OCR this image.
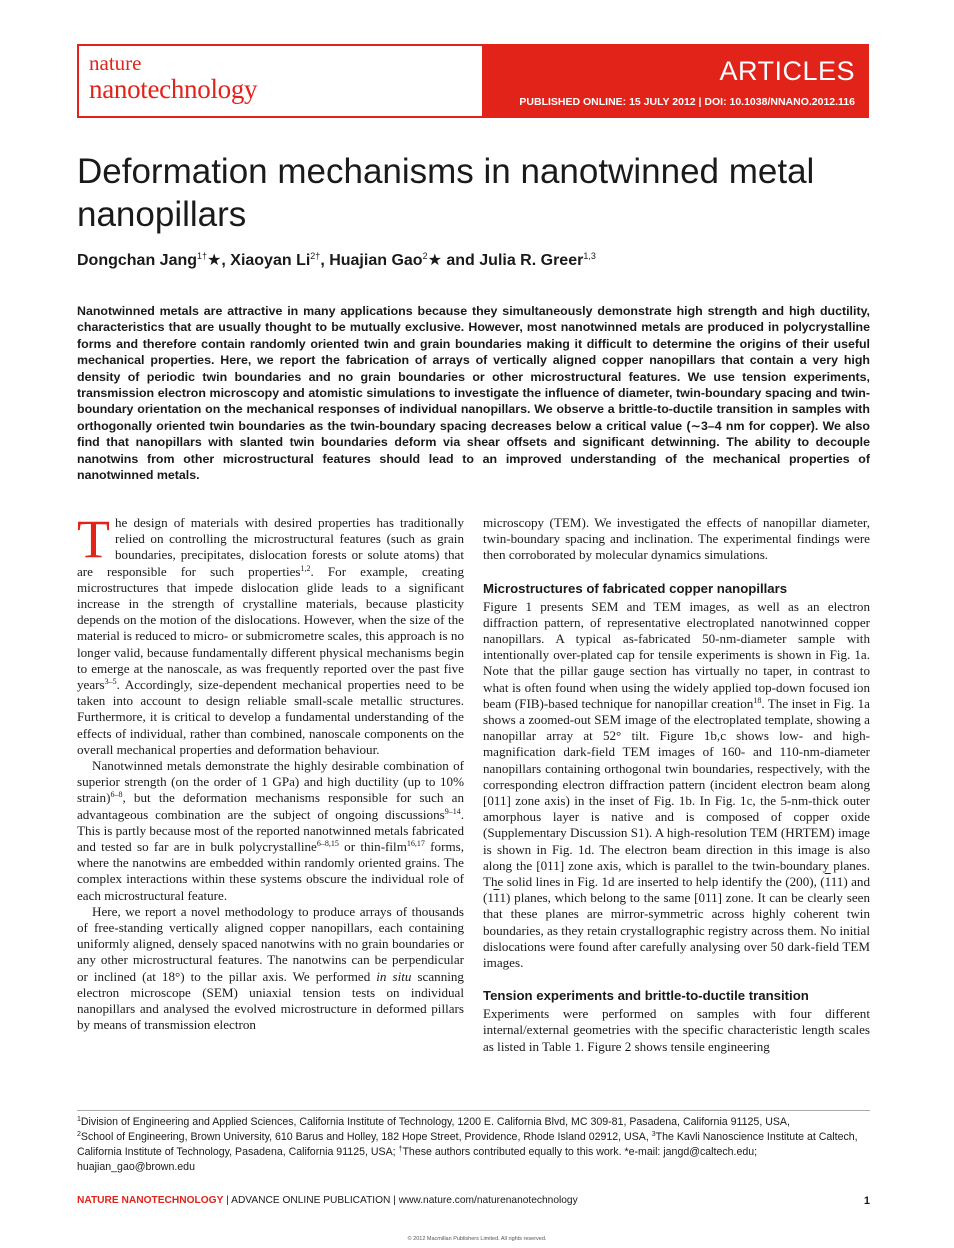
nature
nanotechnology
ARTICLES
PUBLISHED ONLINE: 15 JULY 2012 | DOI: 10.1038/NNANO.2012.116
Deformation mechanisms in nanotwinned metal nanopillars
Dongchan Jang$^{1\dagger}$★, Xiaoyan $Li^{2\dagger}$, Huajian Gao$^2$★ and Julia R. Greer$^{1,3}$
Nanotwinned metals are attractive in many applications because they simultaneously demonstrate high strength and high ductility, characteristics that are usually thought to be mutually exclusive. However, most nanotwinned metals are produced in polycrystalline forms and therefore contain randomly oriented twin and grain boundaries making it difficult to determine the origins of their useful mechanical properties. Here, we report the fabrication of arrays of vertically aligned copper nanopillars that contain a very high density of periodic twin boundaries and no grain boundaries or other microstructural features. We use tension experiments, transmission electron microscopy and atomistic simulations to investigate the influence of diameter, twin-boundary spacing and twin-boundary orientation on the mechanical responses of individual nanopillars. We observe a brittle-to-ductile transition in samples with orthogonally oriented twin boundaries as the twin-boundary spacing decreases below a critical value (∼3–4 nm for copper). We also find that nanopillars with slanted twin boundaries deform via shear offsets and significant detwinning. The ability to decouple nanotwins from other microstructural features should lead to an improved understanding of the mechanical properties of nanotwinned metals.

The design of materials with desired properties has traditionally relied on controlling the microstructural features (such as grain boundaries, precipitates, dislocation forests or solute atoms) that are responsible for such properties$^{1,2}$. For example, creating microstructures that impede dislocation glide leads to a significant increase in the strength of crystalline materials, because plasticity depends on the motion of the dislocations. However, when the size of the material is reduced to micro- or submicrometre scales, this approach is no longer valid, because fundamentally different physical mechanisms begin to emerge at the nanoscale, as was frequently reported over the past five years$^{3-5}$. Accordingly, size-dependent mechanical properties need to be taken into account to design reliable small-scale metallic structures. Furthermore, it is critical to develop a fundamental understanding of the effects of individual, rather than combined, nanoscale components on the overall mechanical properties and deformation behaviour.

Nanotwinned metals demonstrate the highly desirable combination of superior strength (on the order of 1 GPa) and high ductility (up to 10% strain)$^{6-8}$, but the deformation mechanisms responsible for such an advantageous combination are the subject of ongoing discussions$^{9-14}$. This is partly because most of the reported nanotwinned metals fabricated and tested so far are in bulk polycrystalline$^{6-8,15}$ or thin-film$^{16,17}$ forms, where the nanotwins are embedded within randomly oriented grains. The complex interactions within these systems obscure the individual role of each microstructural feature.

Here, we report a novel methodology to produce arrays of thousands of free-standing vertically aligned copper nanopillars, each containing uniformly aligned, densely spaced nanotwins with no grain boundaries or any other microstructural features. The nanotwins can be perpendicular or inclined (at 18°) to the pillar axis. We performed in situ scanning electron microscope (SEM) uniaxial tension tests on individual nanopillars and analysed the evolved microstructure in deformed pillars by means of transmission electron

microscopy (TEM). We investigated the effects of nanopillar diameter, twin-boundary spacing and inclination. The experimental findings were then corroborated by molecular dynamics simulations.

Microstructures of fabricated copper nanopillars

Figure 1 presents SEM and TEM images, as well as an electron diffraction pattern, of representative electroplated nanotwinned copper nanopillars. A typical as-fabricated 50-nm-diameter sample with intentionally over-plated cap for tensile experiments is shown in Fig. 1a. Note that the pillar gauge section has virtually no taper, in contrast to what is often found when using the widely applied top-down focused ion beam (FIB)-based technique for nanopillar creation$^{18}$. The inset in Fig. 1a shows a zoomed-out SEM image of the electroplated template, showing a nanopillar array at 52° tilt. Figure 1b,c shows low- and high-magnification dark-field TEM images of 160- and 110-nm-diameter nanopillars containing orthogonal twin boundaries, respectively, with the corresponding electron diffraction pattern (incident electron beam along [011] zone axis) in the inset of Fig. 1b. In Fig. 1c, the 5-nm-thick outer amorphous layer is native and is composed of copper oxide (Supplementary Discussion S1). A high-resolution TEM (HRTEM) image is shown in Fig. 1d. The electron beam direction in this image is also along the [011] zone axis, which is parallel to the twin-boundary planes. The solid lines in Fig. 1d are inserted to help identify the (200), (111) and (111) planes, which belong to the same [011] zone. It can be clearly seen that these planes are mirror-symmetric across highly coherent twin boundaries, as they retain crystallographic registry across them. No initial dislocations were found after carefully analysing over 50 dark-field TEM images.

Tension experiments and brittle-to-ductile transition

Experiments were performed on samples with four different internal/external geometries with the specific characteristic length scales as listed in Table 1. Figure 2 shows tensile engineering

$^1$Division of Engineering and Applied Sciences, California Institute of Technology, 1200 E. California Blvd, MC 309-81, Pasadena, California 91125, USA,
$^2$School of Engineering, Brown University, 610 Barus and Holley, 182 Hope Street, Providence, Rhode Island 02912, USA, $^3$The Kavli Nanoscience Institute at Caltech, California Institute of Technology, Pasadena, California 91125, USA; †These authors contributed equally to this work. *e-mail: jangd@caltech.edu; huajian_gao@brown.edu
NATURE NANOTECHNOLOGY | ADVANCE ONLINE PUBLICATION | www.nature.com/naturenanotechnology	1
© 2012 Macmillan Publishers Limited. All rights reserved.
